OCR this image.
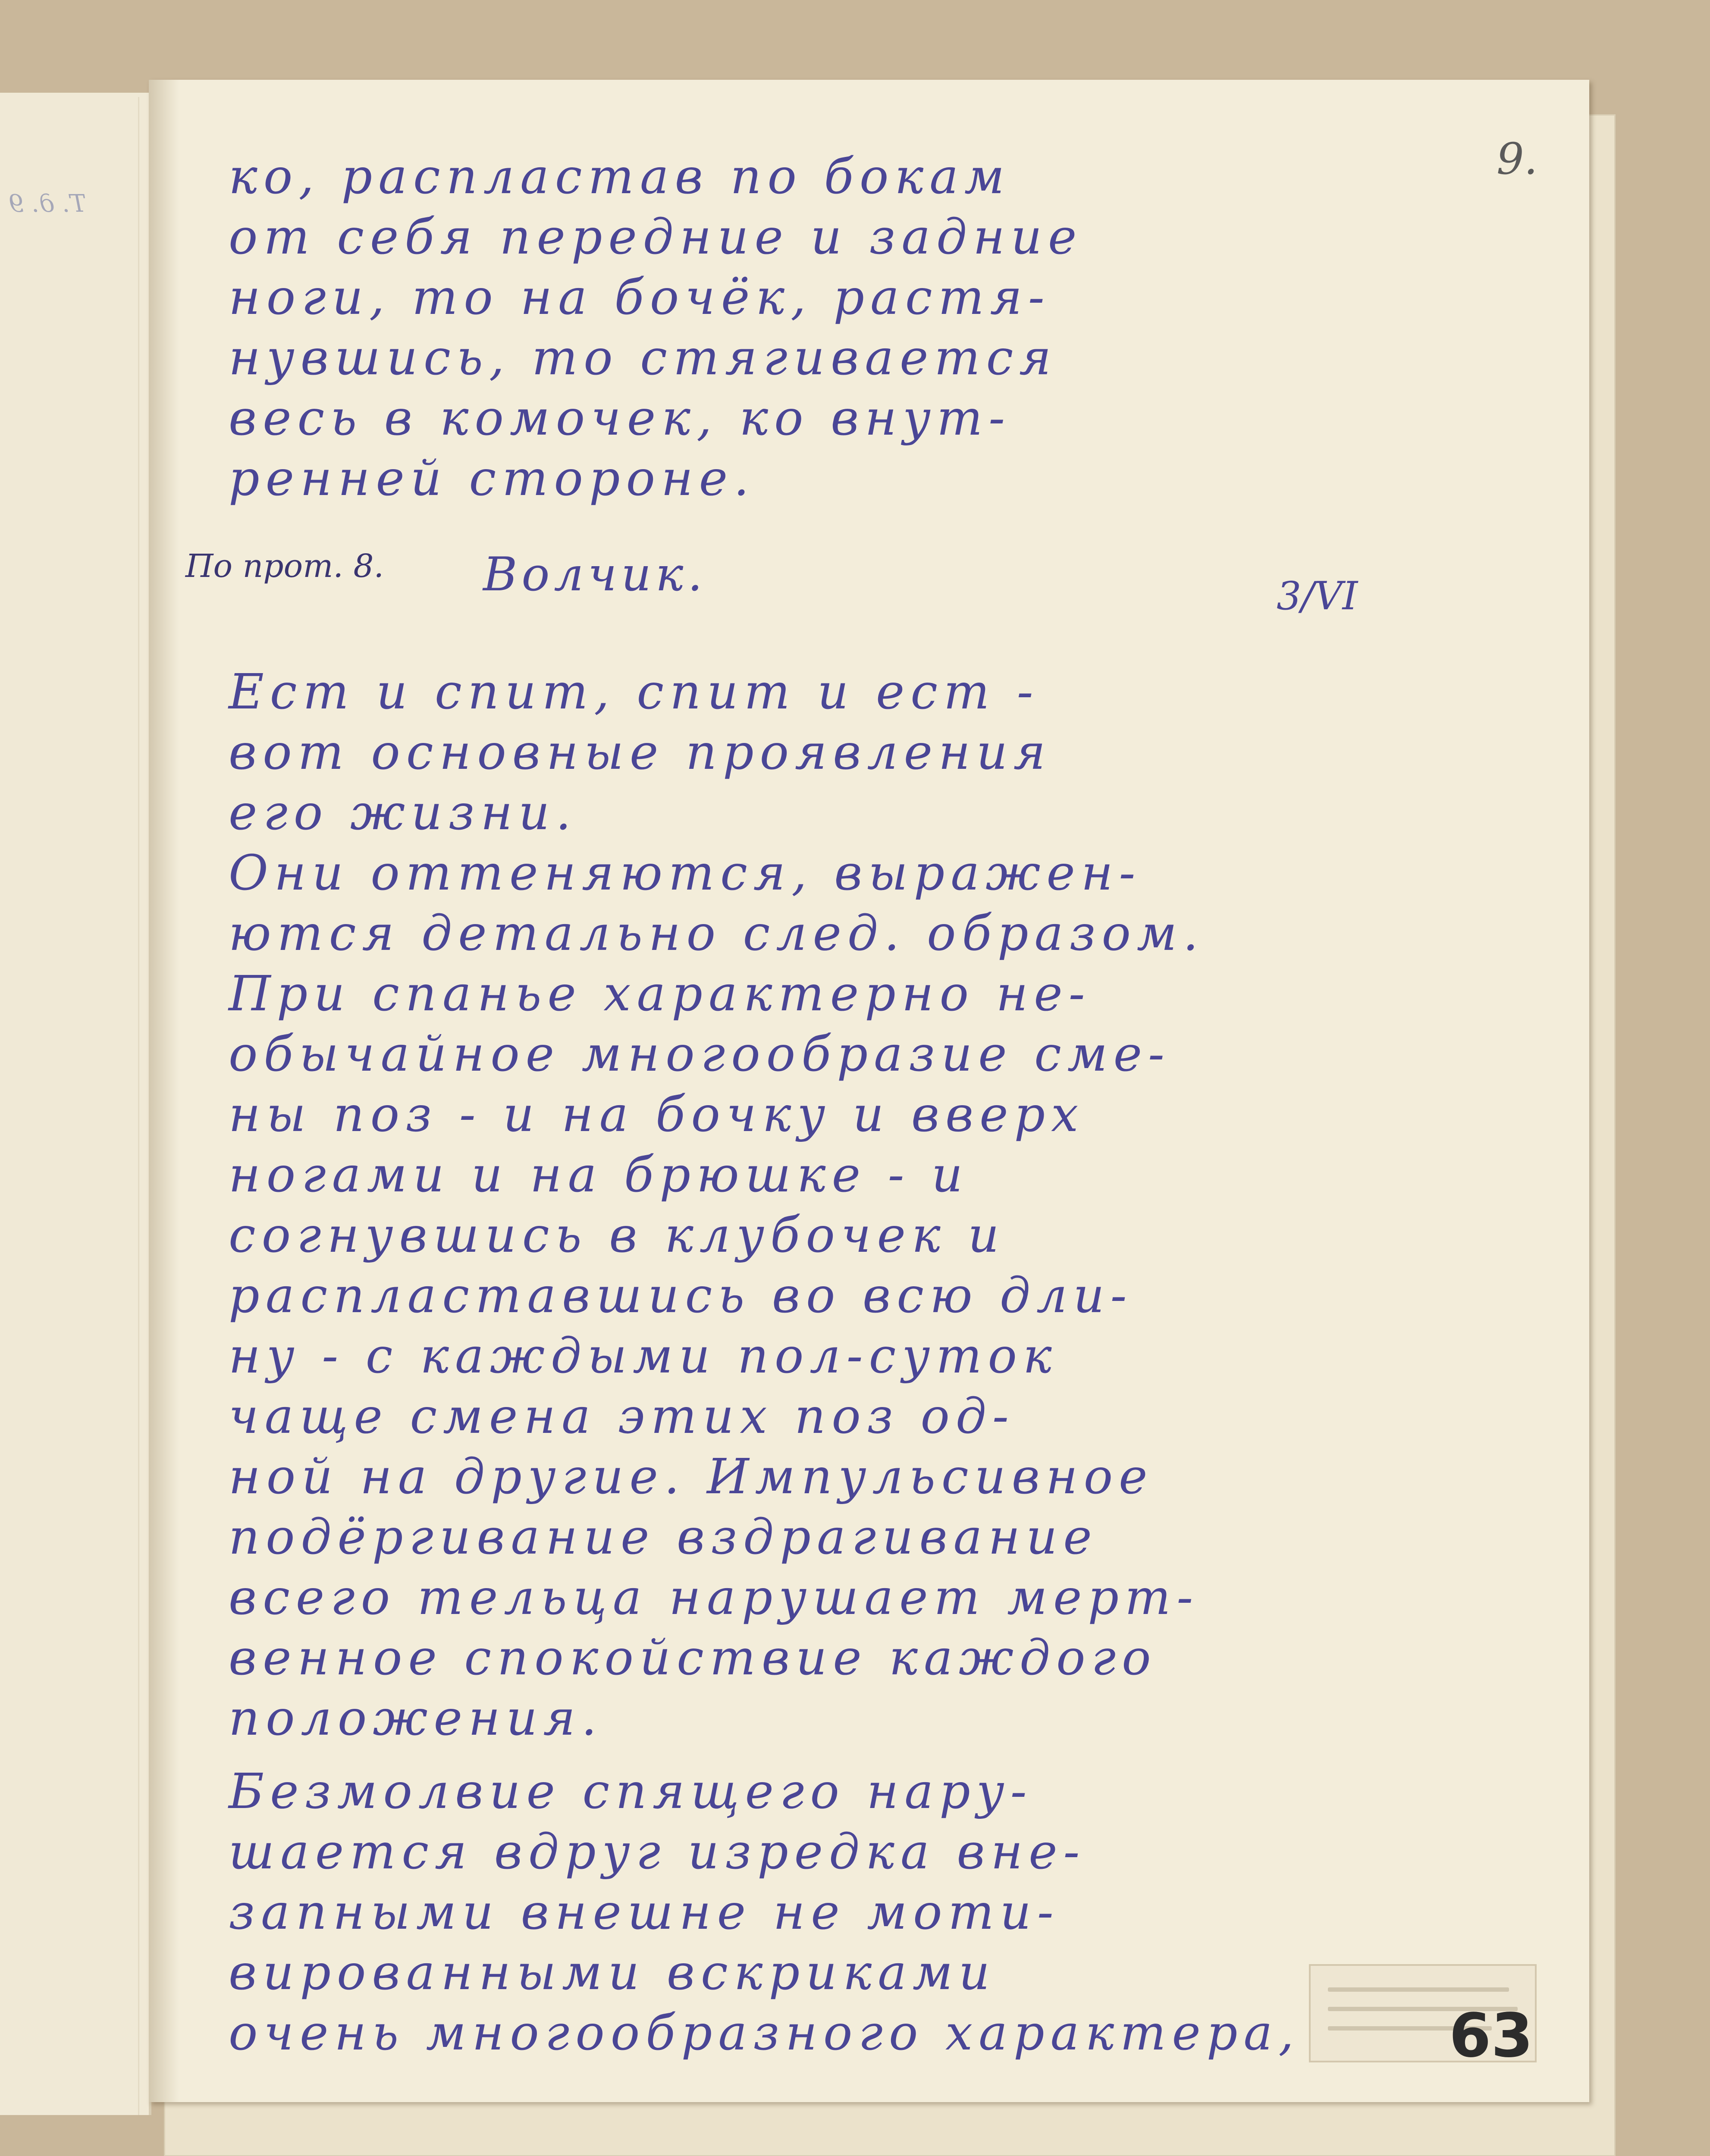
Т. д. 9
9.
По прот. 8.
3/VI
ко, распластав по бокам
от себя передние и задние
ноги, то на бочёк, растя-
нувшись, то стягивается
весь в комочек, ко внут-
ренней стороне.
Волчик.
Ест и спит, спит и ест -
вот основные проявления
его жизни.
Они оттеняются, выражен-
ются детально след. образом.
При спанье характерно не-
обычайное многообразие сме-
ны поз - и на бочку и вверх
ногами и на брюшке - и
согнувшись в клубочек и
распластавшись во всю дли-
ну - с каждыми пол-суток
чаще смена этих поз од-
ной на другие. Импульсивное
подёргивание вздрагивание
всего тельца нарушает мерт-
венное спокойствие каждого
положения.
Безмолвие спящего нару-
шается вдруг изредка вне-
запными внешне не моти-
вированными вскриками
очень многообразного характера, 63
